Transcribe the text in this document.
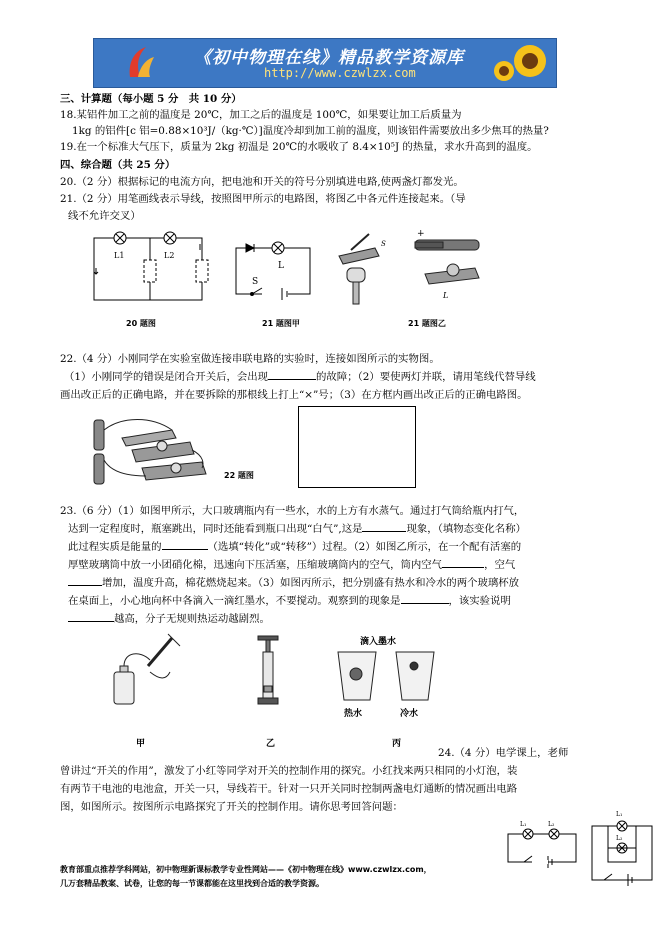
《初中物理在线》精品教学资源库
http://www.czwlzx.com
三、计算题（每小题 5 分　共 10 分）
18.某铝件加工之前的温度是 20℃，加工之后的温度是 100℃，如果要让加工后质量为
1kg 的铝件[c 铝=0.88×10³J/（kg·℃）]温度冷却到加工前的温度，则该铝件需要放出多少焦耳的热量?
19.在一个标准大气压下，质量为 2kg 初温是 20℃的水吸收了 8.4×10⁵J 的热量，求水升高到的温度。
四、综合题（共 25 分）
20.（2 分）根据标记的电流方向，把电池和开关的符号分别填进电路,使两盏灯都发光。
21.（2 分）用笔画线表示导线，按照图甲所示的电路图，将图乙中各元件连接起来。（导
线不允许交叉）
L1	L2
20 题图
L
S
21 题图甲
S
L
+
21 题图乙
22.（4 分）小刚同学在实验室做连接串联电路的实验时，连接如图所示的实物图。
（1）小刚同学的错误是闭合开关后，会出现	的故障；（2）要使两灯并联，请用笔线代替导线
画出改正后的正确电路，并在要拆除的那根线上打上“×”号；（3）在方框内画出改正后的正确电路图。
22 题图
23.（6 分）（1）如图甲所示，大口玻璃瓶内有一些水，水的上方有水蒸气。通过打气筒给瓶内打气，
达到一定程度时，瓶塞跳出，同时还能看到瓶口出现“白气”,这是	现象，（填物态变化名称）
此过程实质是能量的	（选填“转化”或“转移”）过程。（2）如图乙所示，在一个配有活塞的
厚壁玻璃筒中放一小团硝化棉，迅速向下压活塞，压缩玻璃筒内的空气，筒内空气	，空气
增加，温度升高，棉花燃烧起来。（3）如图丙所示，把分别盛有热水和冷水的两个玻璃杯放
在桌面上，小心地向杯中各滴入一滴红墨水，不要搅动。观察到的现象是	，该实验说明
越高，分子无规则热运动越剧烈。
滴入墨水
热水	冷水
甲	乙	丙
24.（4 分）电学课上，老师
曾讲过“开关的作用”，激发了小红等同学对开关的控制作用的探究。小红找来两只相同的小灯泡，装
有两节干电池的电池盒，开关一只，导线若干。针对一只开关同时控制两盏电灯通断的情况画出电路
图，如图所示。按图所示电路探究了开关的控制作用。请你思考回答问题：
L₁	L₂
L₁
L₂
教育部重点推荐学科网站，初中物理新课标教学专业性网站——《初中物理在线》www.czwlzx.com，
几万套精品教案、试卷，让您的每一节课都能在这里找到合适的教学资源。
